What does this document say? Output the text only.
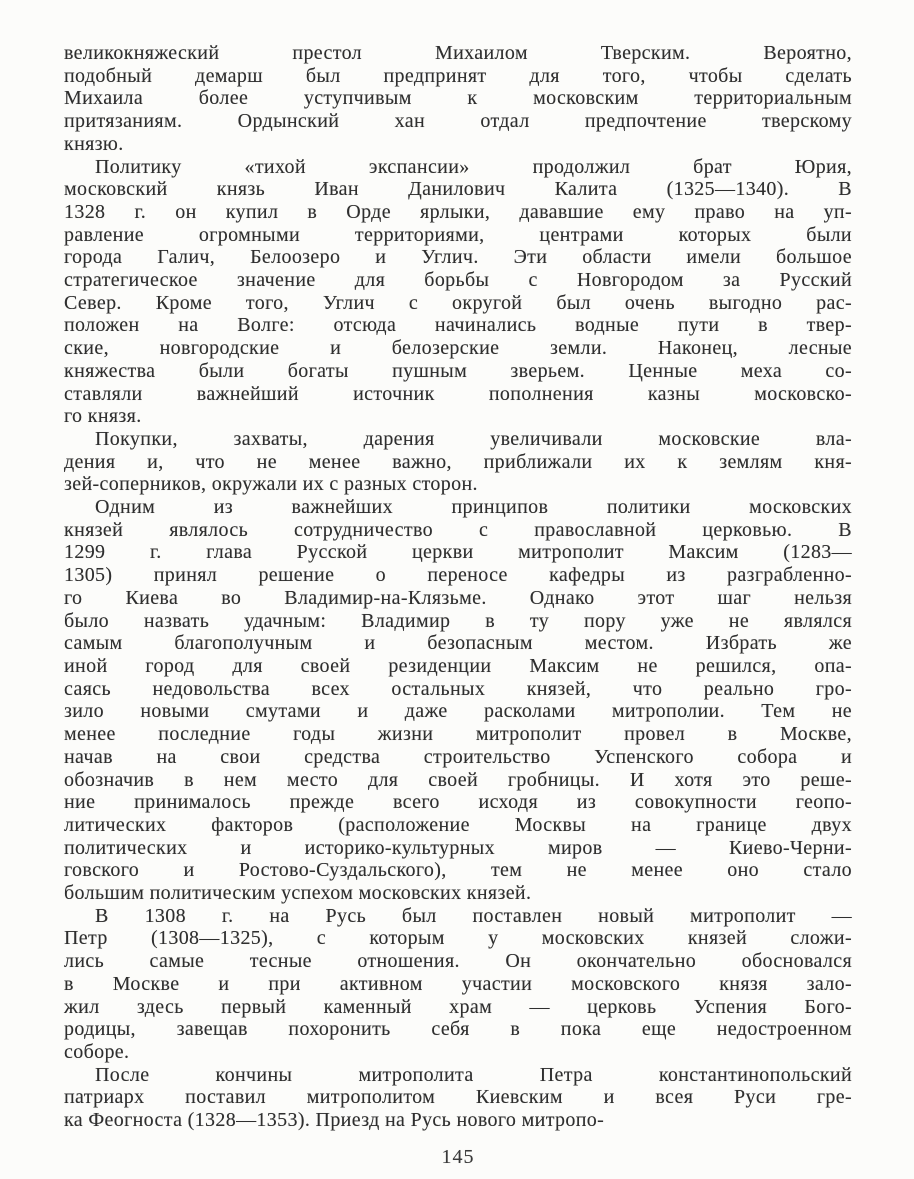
великокняжеский престол Михаилом Тверским. Вероятно,
подобный демарш был предпринят для того, чтобы сделать
Михаила более уступчивым к московским территориальным
притязаниям. Ордынский хан отдал предпочтение тверскому
князю.
Политику «тихой экспансии» продолжил брат Юрия,
московский князь Иван Данилович Калита (1325—1340). В
1328 г. он купил в Орде ярлыки, дававшие ему право на уп-
равление огромными территориями, центрами которых были
города Галич, Белоозеро и Углич. Эти области имели большое
стратегическое значение для борьбы с Новгородом за Русский
Север. Кроме того, Углич с округой был очень выгодно рас-
положен на Волге: отсюда начинались водные пути в твер-
ские, новгородские и белозерские земли. Наконец, лесные
княжества были богаты пушным зверьем. Ценные меха со-
ставляли важнейший источник пополнения казны московско-
го князя.
Покупки, захваты, дарения увеличивали московские вла-
дения и, что не менее важно, приближали их к землям кня-
зей-соперников, окружали их с разных сторон.
Одним из важнейших принципов политики московских
князей являлось сотрудничество с православной церковью. В
1299 г. глава Русской церкви митрополит Максим (1283—
1305) принял решение о переносе кафедры из разграбленно-
го Киева во Владимир-на-Клязьме. Однако этот шаг нельзя
было назвать удачным: Владимир в ту пору уже не являлся
самым благополучным и безопасным местом. Избрать же
иной город для своей резиденции Максим не решился, опа-
саясь недовольства всех остальных князей, что реально гро-
зило новыми смутами и даже расколами митрополии. Тем не
менее последние годы жизни митрополит провел в Москве,
начав на свои средства строительство Успенского собора и
обозначив в нем место для своей гробницы. И хотя это реше-
ние принималось прежде всего исходя из совокупности геопо-
литических факторов (расположение Москвы на границе двух
политических и историко-культурных миров — Киево-Черни-
говского и Ростово-Суздальского), тем не менее оно стало
большим политическим успехом московских князей.
В 1308 г. на Русь был поставлен новый митрополит —
Петр (1308—1325), с которым у московских князей сложи-
лись самые тесные отношения. Он окончательно обосновался
в Москве и при активном участии московского князя зало-
жил здесь первый каменный храм — церковь Успения Бого-
родицы, завещав похоронить себя в пока еще недостроенном
соборе.
После кончины митрополита Петра константинопольский
патриарх поставил митрополитом Киевским и всея Руси гре-
ка Феогноста (1328—1353). Приезд на Русь нового митропо-
145
